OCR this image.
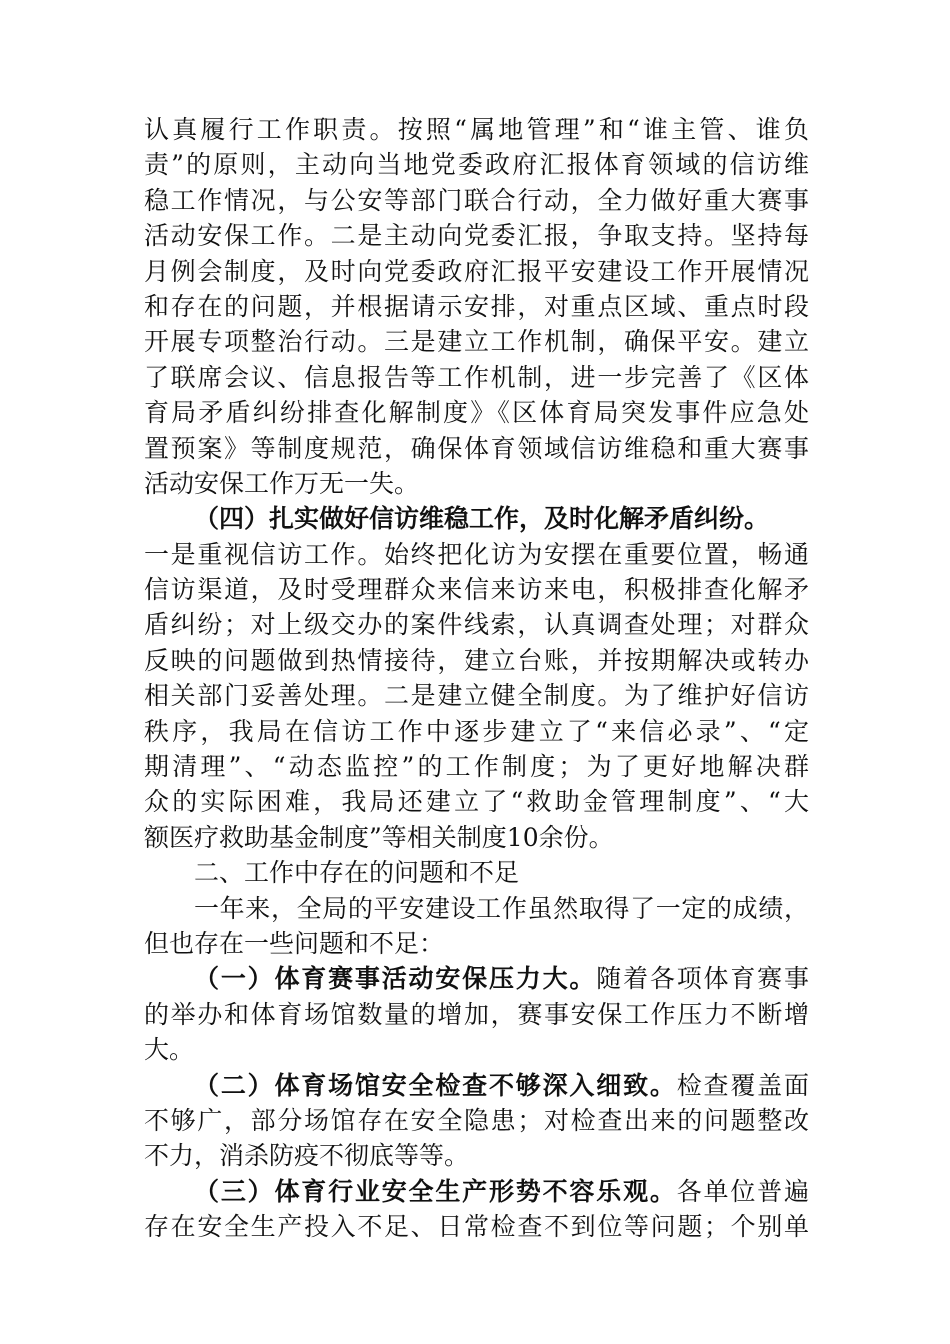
认真履行工作职责。按照“属地管理”和“谁主管、谁负
责”的原则，主动向当地党委政府汇报体育领域的信访维
稳工作情况，与公安等部门联合行动，全力做好重大赛事
活动安保工作。二是主动向党委汇报，争取支持。坚持每
月例会制度，及时向党委政府汇报平安建设工作开展情况
和存在的问题，并根据请示安排，对重点区域、重点时段
开展专项整治行动。三是建立工作机制，确保平安。建立
了联席会议、信息报告等工作机制，进一步完善了《区体
育局矛盾纠纷排查化解制度》《区体育局突发事件应急处
置预案》等制度规范，确保体育领域信访维稳和重大赛事
活动安保工作万无一失。
（四）扎实做好信访维稳工作，及时化解矛盾纠纷。
一是重视信访工作。始终把化访为安摆在重要位置，畅通
信访渠道，及时受理群众来信来访来电，积极排查化解矛
盾纠纷；对上级交办的案件线索，认真调查处理；对群众
反映的问题做到热情接待，建立台账，并按期解决或转办
相关部门妥善处理。二是建立健全制度。为了维护好信访
秩序，我局在信访工作中逐步建立了“来信必录”、“定
期清理”、“动态监控”的工作制度；为了更好地解决群
众的实际困难，我局还建立了“救助金管理制度”、“大
额医疗救助基金制度”等相关制度10余份。
二、工作中存在的问题和不足
一年来，全局的平安建设工作虽然取得了一定的成绩，
但也存在一些问题和不足：
（一）体育赛事活动安保压力大。随着各项体育赛事
的举办和体育场馆数量的增加，赛事安保工作压力不断增
大。
（二）体育场馆安全检查不够深入细致。检查覆盖面
不够广，部分场馆存在安全隐患；对检查出来的问题整改
不力，消杀防疫不彻底等等。
（三）体育行业安全生产形势不容乐观。各单位普遍
存在安全生产投入不足、日常检查不到位等问题；个别单
